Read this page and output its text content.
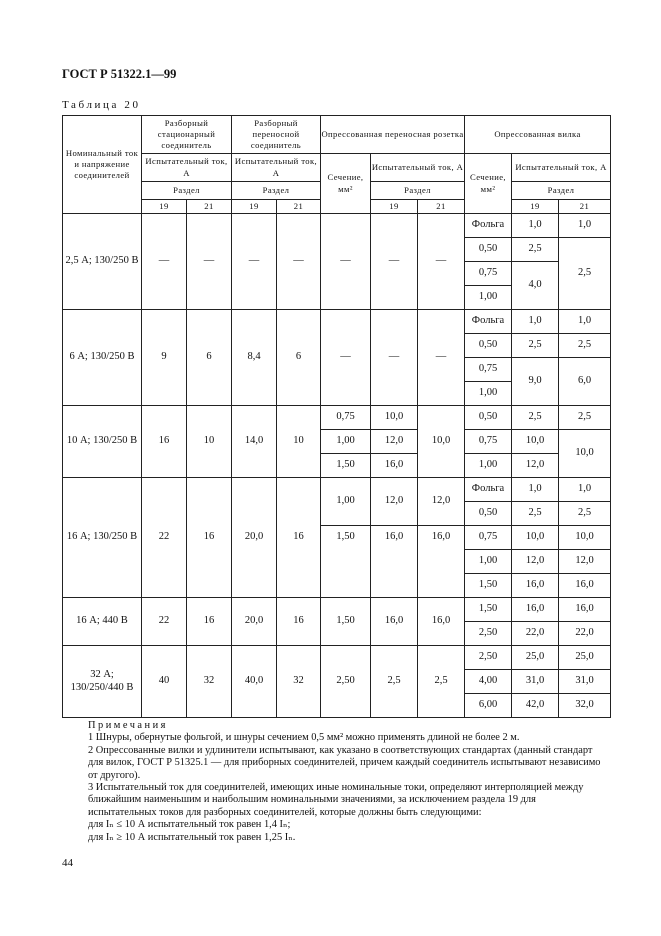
ГОСТ Р 51322.1—99
Таблица 20
Номинальный ток и напряжение соединителей	Разборный стационарный соединитель		Разборный переносной соединитель		Опрессованная переносная розетка			Опрессованная вилка		
	Испытательный ток, А		Испытательный ток, А		Сечение, мм²	Испытательный ток, А		Сечение, мм²	Испытательный ток, А	
	Раздел		Раздел			Раздел			Раздел	
	19	21	19	21		19	21		19	21
2,5 А; 130/250 В	—	—	—	—	—	—	—	Фольга	1,0	1,0
								0,50	2,5	2,5
								0,75	4,0	
								1,00		
6 А; 130/250 В	9	6	8,4	6	—	—	—	Фольга	1,0	1,0
								0,50	2,5	2,5
								0,75	9,0	6,0
								1,00		
10 А; 130/250 В	16	10	14,0	10	0,75	10,0	10,0	0,50	2,5	2,5
					1,00	12,0		0,75	10,0	10,0
					1,50	16,0		1,00	12,0	
16 А; 130/250 В	22	16	20,0	16	1,00	12,0	12,0	Фольга	1,0	1,0
								0,50	2,5	2,5
					1,50	16,0	16,0	0,75	10,0	10,0
								1,00	12,0	12,0
								1,50	16,0	16,0
16 А; 440 В	22	16	20,0	16	1,50	16,0	16,0	1,50	16,0	16,0
								2,50	22,0	22,0
32 А; 130/250/440 В	40	32	40,0	32	2,50	2,5	2,5	2,50	25,0	25,0
								4,00	31,0	31,0
								6,00	42,0	32,0

Примечания

1 Шнуры, обернутые фольгой, и шнуры сечением 0,5 мм² можно применять длиной не более 2 м.

2 Опрессованные вилки и удлинители испытывают, как указано в соответствующих стандартах (данный стандарт для вилок, ГОСТ Р 51325.1 — для приборных соединителей, причем каждый соединитель испытывают независимо от другого).

3 Испытательный ток для соединителей, имеющих иные номинальные токи, определяют интерполяцией между ближайшим наименьшим и наибольшим номинальными значениями, за исключением раздела 19 для испытательных токов для разборных соединителей, которые должны быть следующими:

для Iₙ ≤ 10 А испытательный ток равен 1,4 Iₙ;

для Iₙ ≥ 10 А испытательный ток равен 1,25 Iₙ.

44
